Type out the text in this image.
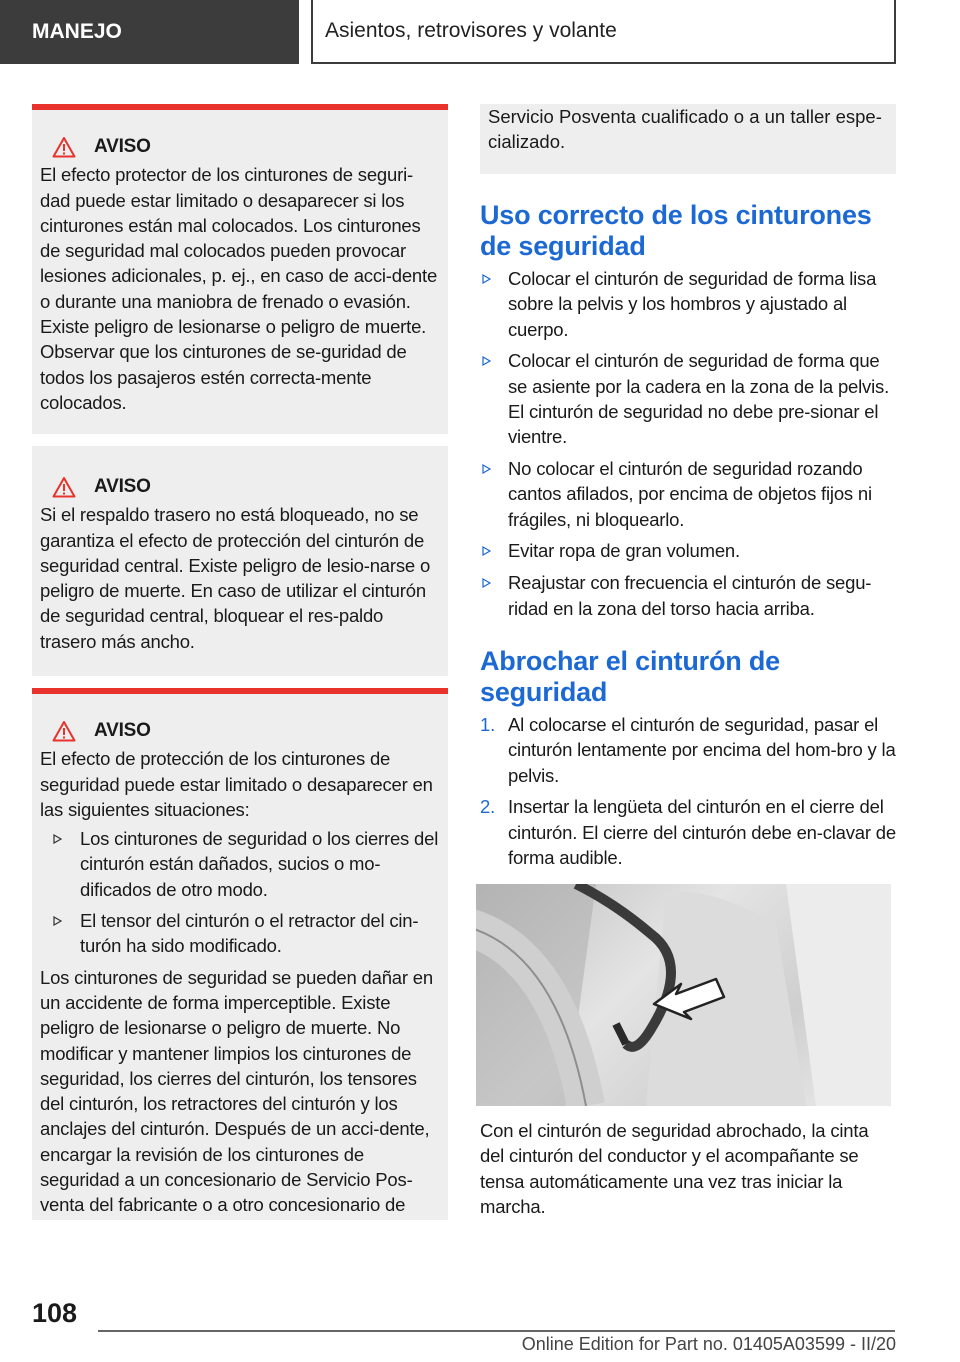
MANEJO	Asientos, retrovisores y volante
AVISO

El efecto protector de los cinturones de seguri-dad puede estar limitado o desaparecer si los cinturones están mal colocados. Los cinturones de seguridad mal colocados pueden provocar lesiones adicionales, p. ej., en caso de acci-dente o durante una maniobra de frenado o evasión. Existe peligro de lesionarse o peligro de muerte. Observar que los cinturones de se-guridad de todos los pasajeros estén correcta-mente colocados.

AVISO

Si el respaldo trasero no está bloqueado, no se garantiza el efecto de protección del cinturón de seguridad central. Existe peligro de lesio-narse o peligro de muerte. En caso de utilizar el cinturón de seguridad central, bloquear el res-paldo trasero más ancho.

AVISO

El efecto de protección de los cinturones de seguridad puede estar limitado o desaparecer en las siguientes situaciones:

Los cinturones de seguridad o los cierres del cinturón están dañados, sucios o mo-dificados de otro modo.
El tensor del cinturón o el retractor del cin-turón ha sido modificado.

Los cinturones de seguridad se pueden dañar en un accidente de forma imperceptible. Existe peligro de lesionarse o peligro de muerte. No modificar y mantener limpios los cinturones de seguridad, los cierres del cinturón, los tensores del cinturón, los retractores del cinturón y los anclajes del cinturón. Después de un acci-dente, encargar la revisión de los cinturones de seguridad a un concesionario de Servicio Pos-venta del fabricante o a otro concesionario de

Servicio Posventa cualificado o a un taller espe-cializado.
Uso correcto de los cinturones de seguridad
Colocar el cinturón de seguridad de forma lisa sobre la pelvis y los hombros y ajustado al cuerpo.
Colocar el cinturón de seguridad de forma que se asiente por la cadera en la zona de la pelvis. El cinturón de seguridad no debe pre-sionar el vientre.
No colocar el cinturón de seguridad rozando cantos afilados, por encima de objetos fijos ni frágiles, ni bloquearlo.
Evitar ropa de gran volumen.
Reajustar con frecuencia el cinturón de segu-ridad en la zona del torso hacia arriba.
Abrochar el cinturón de seguridad
1. Al colocarse el cinturón de seguridad, pasar el cinturón lentamente por encima del hom-bro y la pelvis.
2. Insertar la lengüeta del cinturón en el cierre del cinturón. El cierre del cinturón debe en-clavar de forma audible.

Con el cinturón de seguridad abrochado, la cinta del cinturón del conductor y el acompañante se tensa automáticamente una vez tras iniciar la marcha.

108
Online Edition for Part no. 01405A03599 - II/20
